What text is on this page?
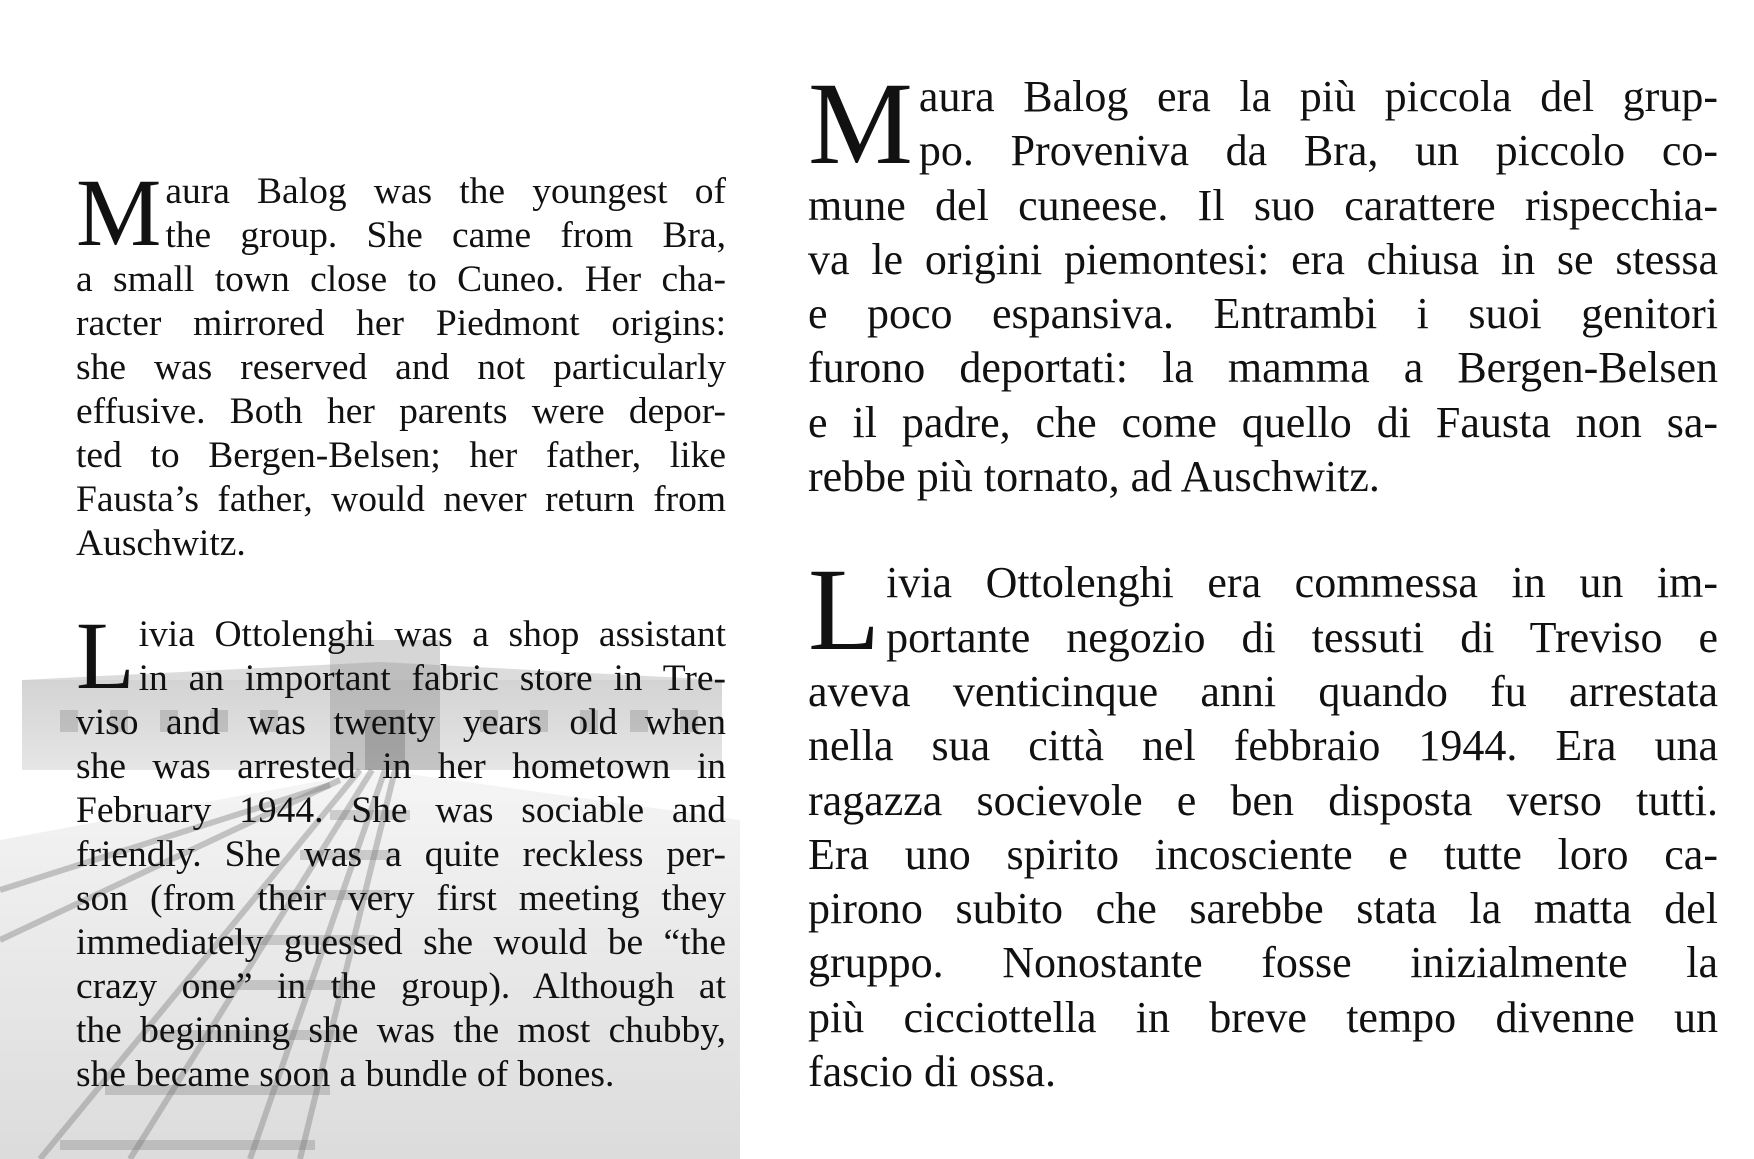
M aura Balog was the youngest of
the group. She came from Bra,
a small town close to Cuneo. Her cha-
racter mirrored her Piedmont origins:
she was reserved and not particularly
effusive. Both her parents were depor-
ted to Bergen-Belsen; her father, like
Fausta’s father, would never return from
Auschwitz.

L ivia Ottolenghi was a shop assistant
in an important fabric store in Tre-
viso and was twenty years old when
she was arrested in her hometown in
February 1944. She was sociable and
friendly. She was a quite reckless per-
son (from their very first meeting they
immediately guessed she would be “the
crazy one” in the group). Although at
the beginning she was the most chubby,
she became soon a bundle of bones.

M aura Balog era la più piccola del grup-
po. Proveniva da Bra, un piccolo co-
mune del cuneese. Il suo carattere rispecchia-
va le origini piemontesi: era chiusa in se stessa
e poco espansiva. Entrambi i suoi genitori
furono deportati: la mamma a Bergen-Belsen
e il padre, che come quello di Fausta non sa-
rebbe più tornato, ad Auschwitz.

L ivia Ottolenghi era commessa in un im-
portante negozio di tessuti di Treviso e
aveva venticinque anni quando fu arrestata
nella sua città nel febbraio 1944. Era una
ragazza socievole e ben disposta verso tutti.
Era uno spirito incosciente e tutte loro ca-
pirono subito che sarebbe stata la matta del
gruppo. Nonostante fosse inizialmente la
più cicciottella in breve tempo divenne un
fascio di ossa.
